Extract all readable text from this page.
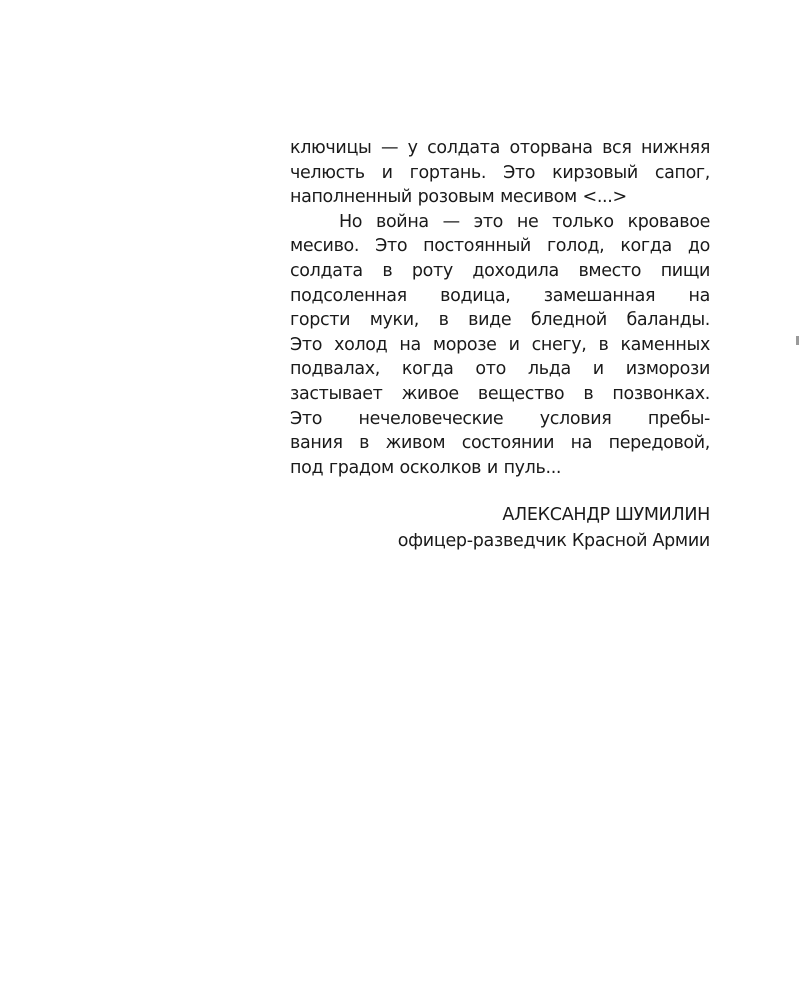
ключицы — у солдата оторвана вся нижняя
челюсть и гортань. Это кирзовый сапог,
наполненный розовым месивом <...>
Но война — это не только кровавое
месиво. Это постоянный голод, когда до
солдата в роту доходила вместо пищи
подсоленная водица, замешанная на
горсти муки, в виде бледной баланды.
Это холод на морозе и снегу, в каменных
подвалах, когда ото льда и изморози
застывает живое вещество в позвонках.
Это нечеловеческие условия пребы-
вания в живом состоянии на передовой,
под градом осколков и пуль...
АЛЕКСАНДР ШУМИЛИН
офицер-разведчик Красной Армии
